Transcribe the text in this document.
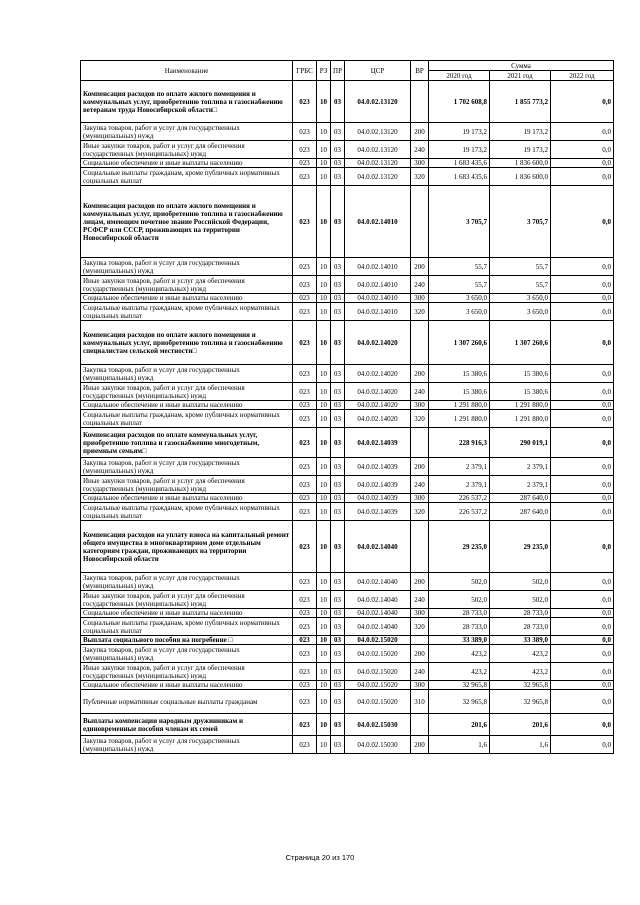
Наименование	ГРБС	РЗ	ПР	ЦСР	ВР	Сумма		
						2020 год	2021 год	2022 год
Компенсация расходов по оплате жилого помещения и коммунальных услуг, приобретению топлива и газоснабжению ветеранам труда Новосибирской области□	023	10	03	04.0.02.13120		1 702 608,8	1 855 773,2	0,0
Закупка товаров, работ и услуг для государственных (муниципальных) нужд	023	10	03	04.0.02.13120	200	19 173,2	19 173,2	0,0
Иные закупки товаров, работ и услуг для обеспечения государственных (муниципальных) нужд	023	10	03	04.0.02.13120	240	19 173,2	19 173,2	0,0
Социальное обеспечение и иные выплаты населению	023	10	03	04.0.02.13120	300	1 683 435,6	1 836 600,0	0,0
Социальные выплаты гражданам, кроме публичных нормативных социальных выплат	023	10	03	04.0.02.13120	320	1 683 435,6	1 836 600,0	0,0
Компенсация расходов по оплате жилого помещения и коммунальных услуг, приобретению топлива и газоснабжению лицам, имеющим почетное звание Российской Федерации, РСФСР или СССР, проживающих на территории Новосибирской области	023	10	03	04.0.02.14010		3 705,7	3 705,7	0,0
Закупка товаров, работ и услуг для государственных (муниципальных) нужд	023	10	03	04.0.02.14010	200	55,7	55,7	0,0
Иные закупки товаров, работ и услуг для обеспечения государственных (муниципальных) нужд	023	10	03	04.0.02.14010	240	55,7	55,7	0,0
Социальное обеспечение и иные выплаты населению	023	10	03	04.0.02.14010	300	3 650,0	3 650,0	0,0
Социальные выплаты гражданам, кроме публичных нормативных социальных выплат	023	10	03	04.0.02.14010	320	3 650,0	3 650,0	0,0
Компенсация расходов по оплате жилого помещения и коммунальных услуг, приобретению топлива и газоснабжению специалистам сельской местности□	023	10	03	04.0.02.14020		1 307 260,6	1 307 260,6	0,0
Закупка товаров, работ и услуг для государственных (муниципальных) нужд	023	10	03	04.0.02.14020	200	15 380,6	15 380,6	0,0
Иные закупки товаров, работ и услуг для обеспечения государственных (муниципальных) нужд	023	10	03	04.0.02.14020	240	15 380,6	15 380,6	0,0
Социальное обеспечение и иные выплаты населению	023	10	03	04.0.02.14020	300	1 291 880,0	1 291 880,0	0,0
Социальные выплаты гражданам, кроме публичных нормативных социальных выплат	023	10	03	04.0.02.14020	320	1 291 880,0	1 291 880,0	0,0
Компенсация расходов по оплате коммунальных услуг, приобретению топлива и газоснабжению многодетным, приемным семьям□	023	10	03	04.0.02.14039		228 916,3	290 019,1	0,0
Закупка товаров, работ и услуг для государственных (муниципальных) нужд	023	10	03	04.0.02.14039	200	2 379,1	2 379,1	0,0
Иные закупки товаров, работ и услуг для обеспечения государственных (муниципальных) нужд	023	10	03	04.0.02.14039	240	2 379,1	2 379,1	0,0
Социальное обеспечение и иные выплаты населению	023	10	03	04.0.02.14039	300	226 537,2	287 640,0	0,0
Социальные выплаты гражданам, кроме публичных нормативных социальных выплат	023	10	03	04.0.02.14039	320	226 537,2	287 640,0	0,0
Компенсация расходов на уплату взноса на капитальный ремонт общего имущества в многоквартирном доме отдельным категориям граждан, проживающих на территории Новосибирской области	023	10	03	04.0.02.14040		29 235,0	29 235,0	0,0
Закупка товаров, работ и услуг для государственных (муниципальных) нужд	023	10	03	04.0.02.14040	200	502,0	502,0	0,0
Иные закупки товаров, работ и услуг для обеспечения государственных (муниципальных) нужд	023	10	03	04.0.02.14040	240	502,0	502,0	0,0
Социальное обеспечение и иные выплаты населению	023	10	03	04.0.02.14040	300	28 733,0	28 733,0	0,0
Социальные выплаты гражданам, кроме публичных нормативных социальных выплат	023	10	03	04.0.02.14040	320	28 733,0	28 733,0	0,0
Выплата социального пособия на погребение □	023	10	03	04.0.02.15020		33 389,0	33 389,0	0,0
Закупка товаров, работ и услуг для государственных (муниципальных) нужд	023	10	03	04.0.02.15020	200	423,2	423,2	0,0
Иные закупки товаров, работ и услуг для обеспечения государственных (муниципальных) нужд	023	10	03	04.0.02.15020	240	423,2	423,2	0,0
Социальное обеспечение и иные выплаты населению	023	10	03	04.0.02.15020	300	32 965,8	32 965,8	0,0
Публичные нормативные социальные выплаты гражданам	023	10	03	04.0.02.15020	310	32 965,8	32 965,8	0,0
Выплаты компенсации народным дружинникам и единовременные пособия членам их семей	023	10	03	04.0.02.15030		201,6	201,6	0,0
Закупка товаров, работ и услуг для государственных (муниципальных) нужд	023	10	03	04.0.02.15030	200	1,6	1,6	0,0
Страница 20 из 170
